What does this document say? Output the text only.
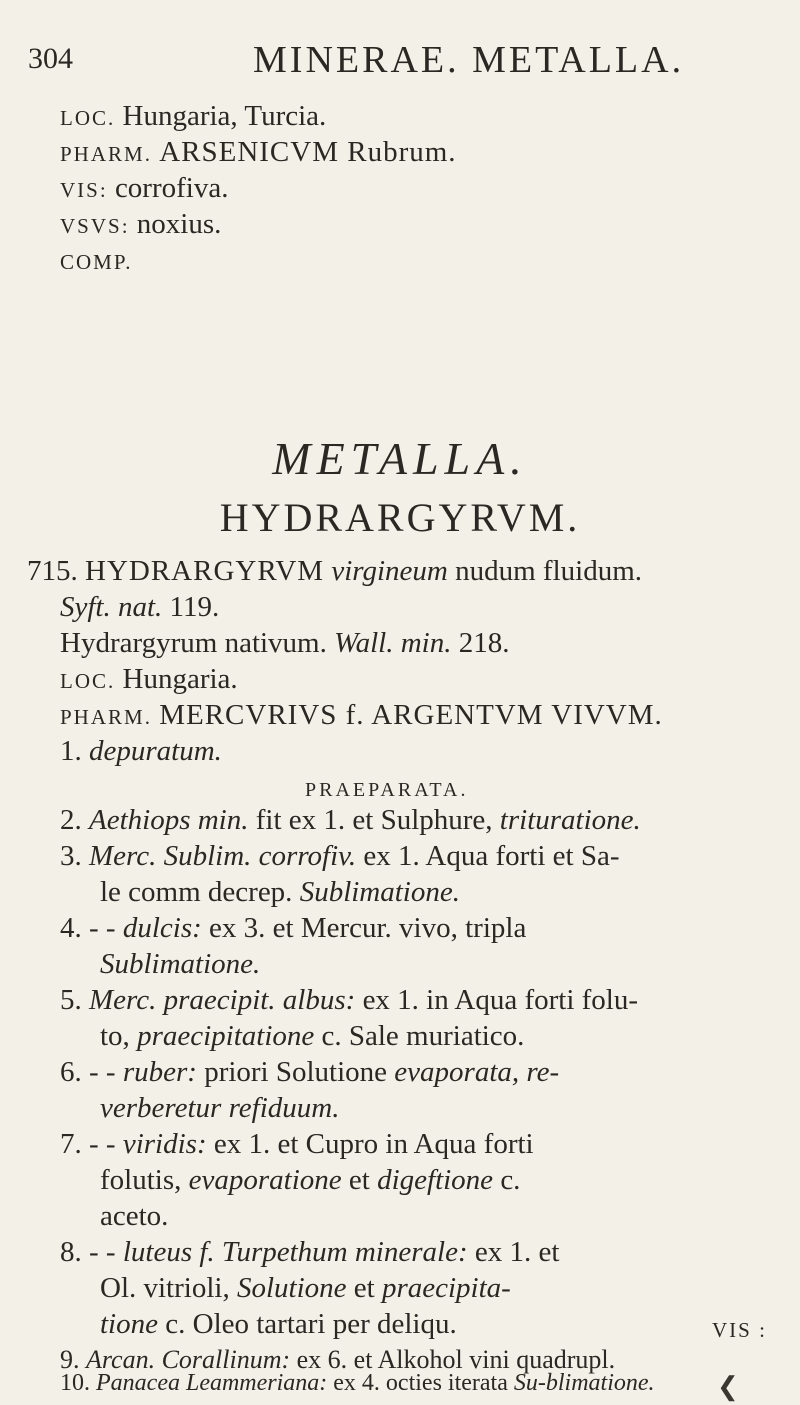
304	MINERAE. METALLA.
LOC. Hungaria, Turcia.
PHARM. ARSENICVM Rubrum.
VIS: corrofiva.
VSVS: noxius.
COMP.
METALLA.
HYDRARGYRVM.
715. HYDRARGYRVM virgineum nudum fluidum.
Syft. nat. 119.
Hydrargyrum nativum. Wall. min. 218.
LOC. Hungaria.
PHARM. MERCVRIVS f. ARGENTVM VIVVM.
1. depuratum.
PRAEPARATA.
2. Aethiops min. fit ex 1. et Sulphure, trituratione.
3. Merc. Sublim. corrofiv. ex 1. Aqua forti et Sa-
le comm decrep. Sublimatione.
4. - - dulcis: ex 3. et Mercur. vivo, tripla
Sublimatione.
5. Merc. praecipit. albus: ex 1. in Aqua forti folu-
to, praecipitatione c. Sale muriatico.
6. - - ruber: priori Solutione evaporata, re-
verberetur refiduum.
7. - - viridis: ex 1. et Cupro in Aqua forti
folutis, evaporatione et digeftione c.
aceto.
8. - - luteus f. Turpethum minerale: ex 1. et
Ol. vitrioli, Solutione et praecipita-
tione c. Oleo tartari per deliqu.
9. Arcan. Corallinum: ex 6. et Alkohol vini quadrupl.
10. Panacea Leammeriana: ex 4. octies iterata Su-blimatione.
VIS :
❮
